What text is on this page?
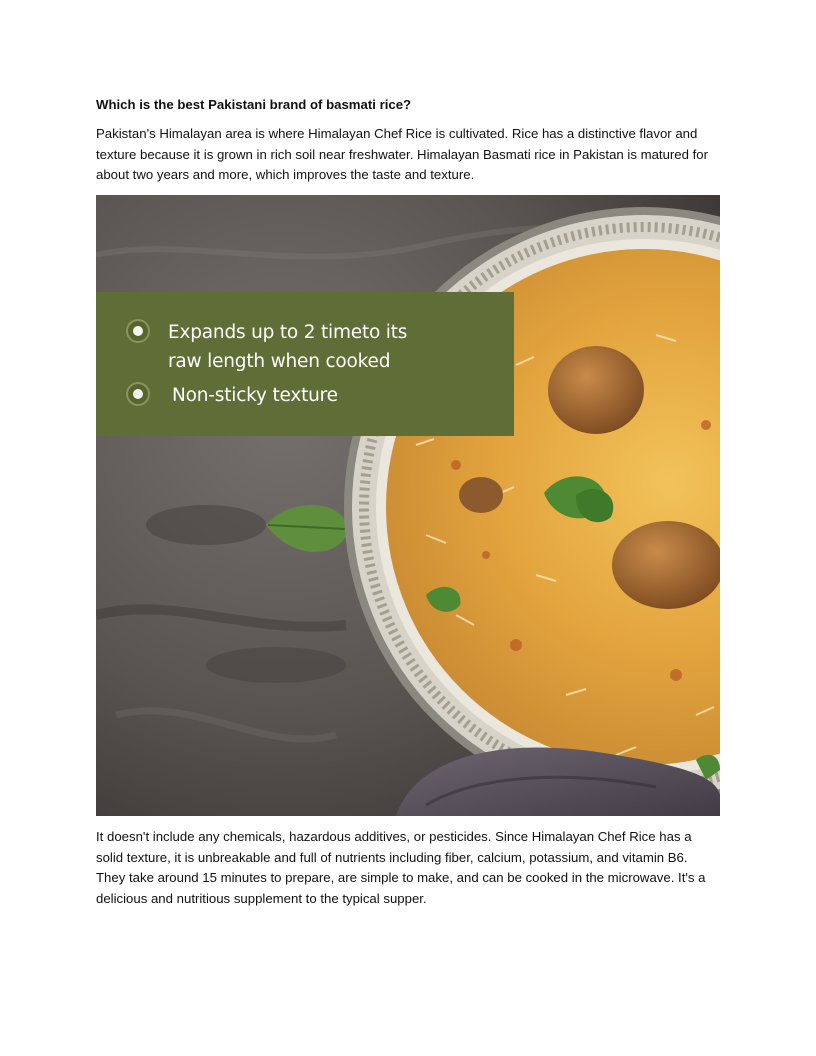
Which is the best Pakistani brand of basmati rice?
Pakistan's Himalayan area is where Himalayan Chef Rice is cultivated. Rice has a distinctive flavor and texture because it is grown in rich soil near freshwater. Himalayan Basmati rice in Pakistan is matured for about two years and more, which improves the taste and texture.
Expands up to 2 timeto its raw length when cooked
Non-sticky texture
It doesn't include any chemicals, hazardous additives, or pesticides. Since Himalayan Chef Rice has a solid texture, it is unbreakable and full of nutrients including fiber, calcium, potassium, and vitamin B6. They take around 15 minutes to prepare, are simple to make, and can be cooked in the microwave. It's a delicious and nutritious supplement to the typical supper.
